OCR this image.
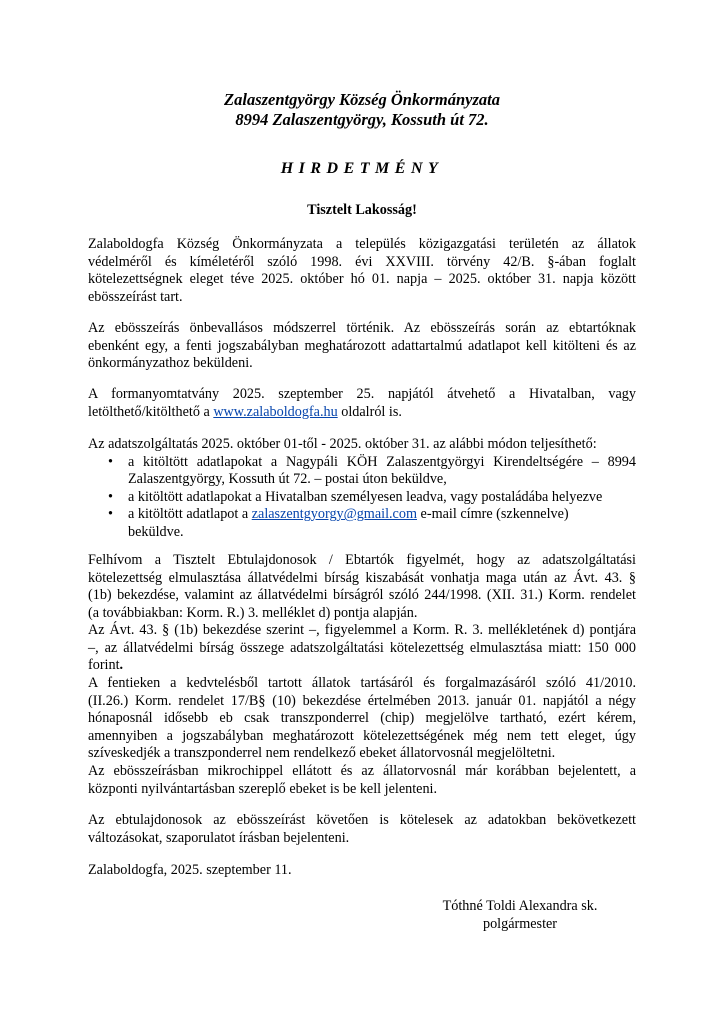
Zalaszentgyörgy Község Önkormányzata
8994 Zalaszentgyörgy, Kossuth út 72.
HIRDETMÉNY
Tisztelt Lakosság!
Zalaboldogfa Község Önkormányzata a település közigazgatási területén az állatok
védelméről és kíméletéről szóló 1998. évi XXVIII. törvény 42/B. §-ában foglalt
kötelezettségnek eleget téve 2025. október hó 01. napja – 2025. október 31. napja között
ebösszeírást tart.
Az ebösszeírás önbevallásos módszerrel történik. Az ebösszeírás során az ebtartóknak
ebenként egy, a fenti jogszabályban meghatározott adattartalmú adatlapot kell kitölteni és az
önkormányzathoz beküldeni.
A formanyomtatvány 2025. szeptember 25. napjától átvehető a Hivatalban, vagy
letölthető/kitölthető a www.zalaboldogfa.hu oldalról is.
Az adatszolgáltatás 2025. október 01-től - 2025. október 31. az alábbi módon teljesíthető:
• a kitöltött adatlapokat a Nagypáli KÖH Zalaszentgyörgyi Kirendeltségére – 8994
Zalaszentgyörgy, Kossuth út 72. – postai úton beküldve,
• a kitöltött adatlapokat a Hivatalban személyesen leadva, vagy postaládába helyezve
• a kitöltött adatlapot a zalaszentgyorgy@gmail.com e-mail címre (szkennelve)
beküldve.
Felhívom a Tisztelt Ebtulajdonosok / Ebtartók figyelmét, hogy az adatszolgáltatási
kötelezettség elmulasztása állatvédelmi bírság kiszabását vonhatja maga után az Ávt. 43. §
(1b) bekezdése, valamint az állatvédelmi bírságról szóló 244/1998. (XII. 31.) Korm. rendelet
(a továbbiakban: Korm. R.) 3. melléklet d) pontja alapján.
Az Ávt. 43. § (1b) bekezdése szerint –, figyelemmel a Korm. R. 3. mellékletének d) pontjára
–, az állatvédelmi bírság összege adatszolgáltatási kötelezettség elmulasztása miatt: 150 000
forint.
A fentieken a kedvtelésből tartott állatok tartásáról és forgalmazásáról szóló 41/2010.
(II.26.) Korm. rendelet 17/B§ (10) bekezdése értelmében 2013. január 01. napjától a négy
hónaposnál idősebb eb csak transzponderrel (chip) megjelölve tartható, ezért kérem,
amennyiben a jogszabályban meghatározott kötelezettségének még nem tett eleget, úgy
szíveskedjék a transzponderrel nem rendelkező ebeket állatorvosnál megjelöltetni.
Az ebösszeírásban mikrochippel ellátott és az állatorvosnál már korábban bejelentett, a
központi nyilvántartásban szereplő ebeket is be kell jelenteni.
Az ebtulajdonosok az ebösszeírást követően is kötelesek az adatokban bekövetkezett
változásokat, szaporulatot írásban bejelenteni.
Zalaboldogfa, 2025. szeptember 11.
Tóthné Toldi Alexandra sk.
polgármester
